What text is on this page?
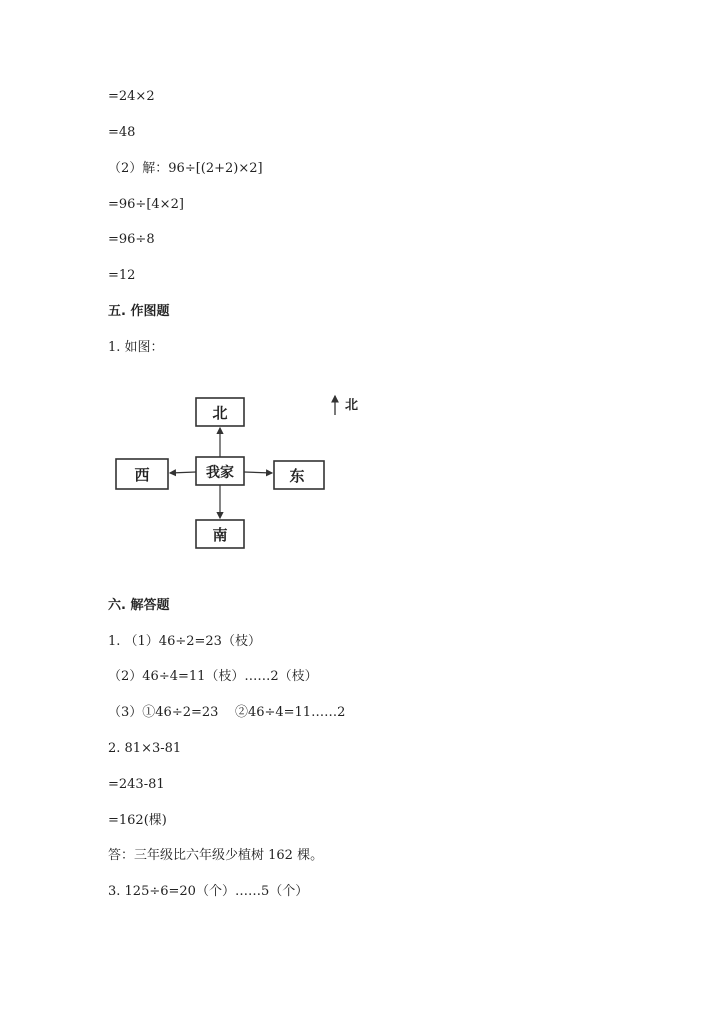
=24×2
=48
（2）解：96÷[(2+2)×2]
=96÷[4×2]
=96÷8
=12
五. 作图题
1. 如图：
北
我家
西	东
南
北
六. 解答题
1. （1）46÷2=23（枝）
（2）46÷4=11（枝）……2（枝）
（3）①46÷2=23    ②46÷4=11……2
2. 81×3-81
=243-81
=162(棵)
答：三年级比六年级少植树 162 棵。
3. 125÷6=20（个）……5（个）
